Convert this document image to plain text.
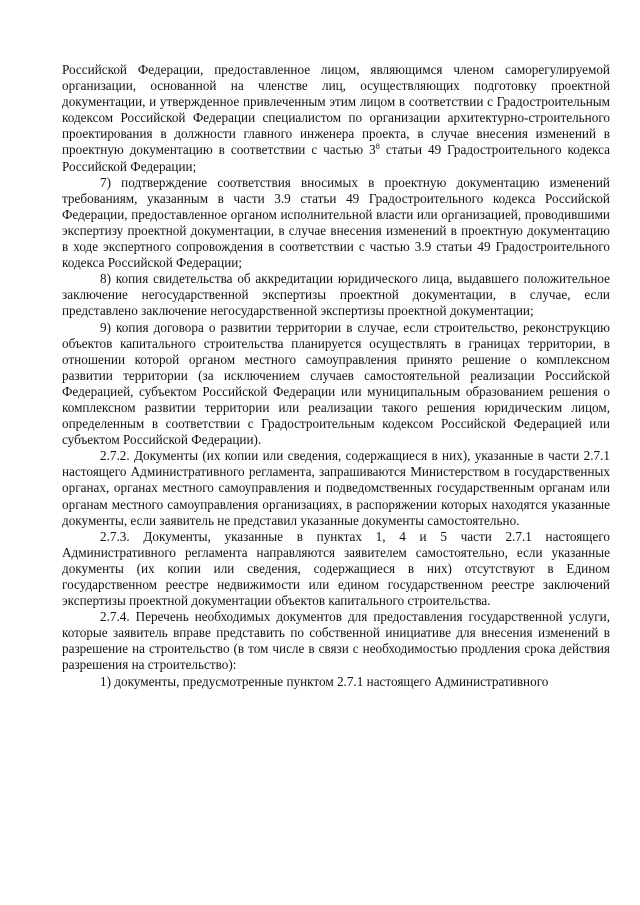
Российской Федерации, предоставленное лицом, являющимся членом саморегулируемой организации, основанной на членстве лиц, осуществляющих подготовку проектной документации, и утвержденное привлеченным этим лицом в соответствии с Градостроительным кодексом Российской Федерации специалистом по организации архитектурно-строительного проектирования в должности главного инженера проекта, в случае внесения изменений в проектную документацию в соответствии с частью $3^8$ статьи 49 Градостроительного кодекса Российской Федерации;

7) подтверждение соответствия вносимых в проектную документацию изменений требованиям, указанным в части 3.9 статьи 49 Градостроительного кодекса Российской Федерации, предоставленное органом исполнительной власти или организацией, проводившими экспертизу проектной документации, в случае внесения изменений в проектную документацию в ходе экспертного сопровождения в соответствии с частью 3.9 статьи 49 Градостроительного кодекса Российской Федерации;

8) копия свидетельства об аккредитации юридического лица, выдавшего положительное заключение негосударственной экспертизы проектной документации, в случае, если представлено заключение негосударственной экспертизы проектной документации;

9) копия договора о развитии территории в случае, если строительство, реконструкцию объектов капитального строительства планируется осуществлять в границах территории, в отношении которой органом местного самоуправления принято решение о комплексном развитии территории (за исключением случаев самостоятельной реализации Российской Федерацией, субъектом Российской Федерации или муниципальным образованием решения о комплексном развитии территории или реализации такого решения юридическим лицом, определенным в соответствии с Градостроительным кодексом Российской Федерацией или субъектом Российской Федерации).

2.7.2. Документы (их копии или сведения, содержащиеся в них), указанные в части 2.7.1 настоящего Административного регламента, запрашиваются Министерством в государственных органах, органах местного самоуправления и подведомственных государственным органам или органам местного самоуправления организациях, в распоряжении которых находятся указанные документы, если заявитель не представил указанные документы самостоятельно.

2.7.3. Документы, указанные в пунктах 1, 4 и 5 части 2.7.1 настоящего Административного регламента направляются заявителем самостоятельно, если указанные документы (их копии или сведения, содержащиеся в них) отсутствуют в Едином государственном реестре недвижимости или едином государственном реестре заключений экспертизы проектной документации объектов капитального строительства.

2.7.4. Перечень необходимых документов для предоставления государственной услуги, которые заявитель вправе представить по собственной инициативе для внесения изменений в разрешение на строительство (в том числе в связи с необходимостью продления срока действия разрешения на строительство):

1) документы, предусмотренные пунктом 2.7.1 настоящего Административного
